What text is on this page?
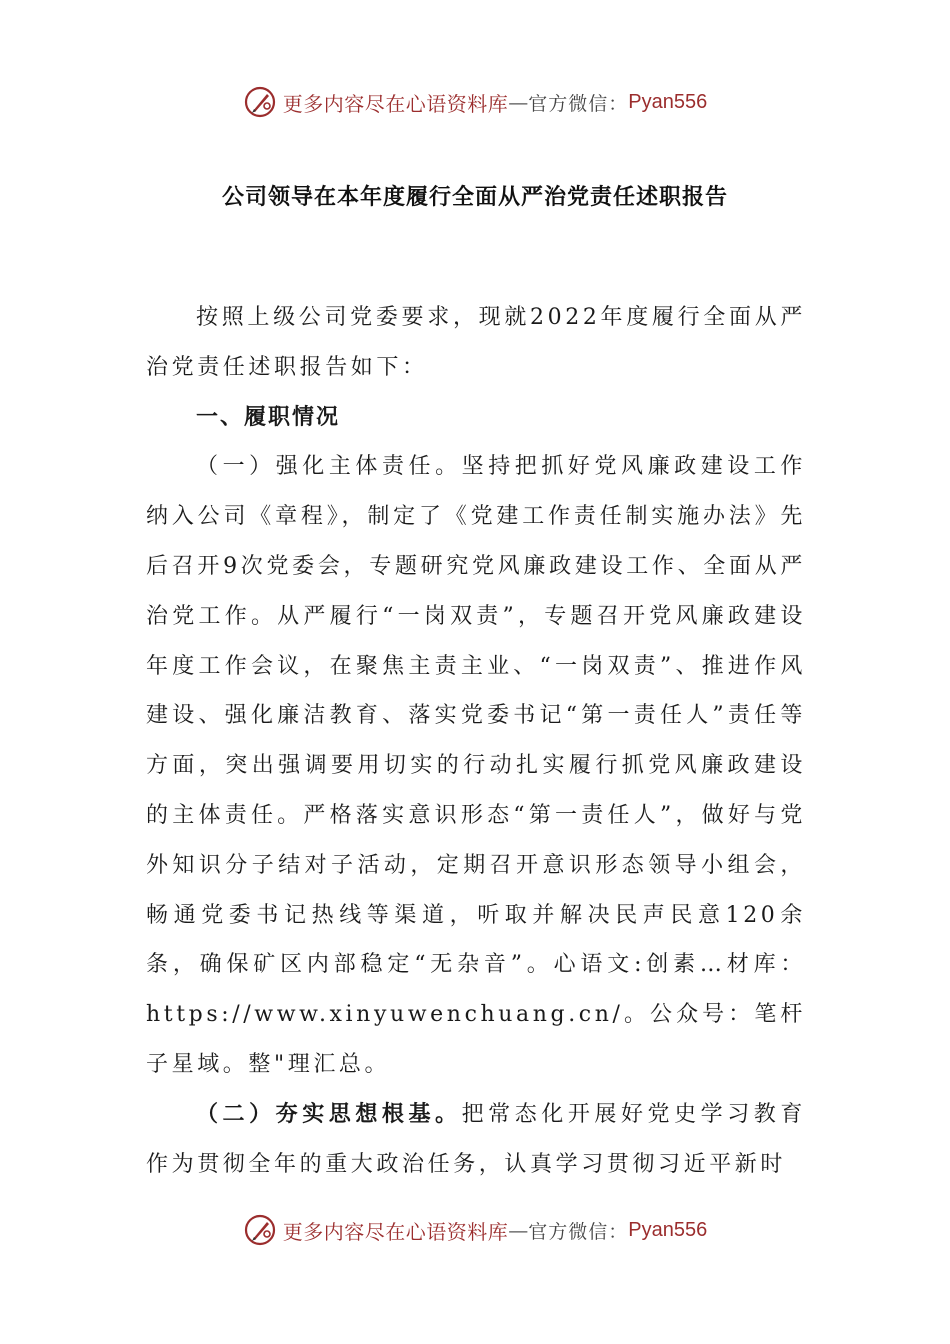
更多内容尽在心语资料库 — 官方微信： Pyan556
公司领导在本年度履行全面从严治党责任述职报告

按照上级公司党委要求，现就2022年度履行全面从严治党责任述职报告如下：

一、履职情况

（一）强化主体责任。坚持把抓好党风廉政建设工作纳入公司《章程》，制定了《党建工作责任制实施办法》先后召开9次党委会，专题研究党风廉政建设工作、全面从严治党工作。从严履行“一岗双责”，专题召开党风廉政建设年度工作会议，在聚焦主责主业、“一岗双责”、推进作风建设、强化廉洁教育、落实党委书记“第一责任人”责任等方面，突出强调要用切实的行动扎实履行抓党风廉政建设的主体责任。严格落实意识形态“第一责任人”，做好与党外知识分子结对子活动，定期召开意识形态领导小组会，畅通党委书记热线等渠道，听取并解决民声民意120余条，确保矿区内部稳定“无杂音”。心语文:创素…材库：https://www.xinyuwenchuang.cn/。公众号：笔杆子星域。整"理汇总。

（二）夯实思想根基。把常态化开展好党史学习教育作为贯彻全年的重大政治任务，认真学习贯彻习近平新时

更多内容尽在心语资料库 — 官方微信： Pyan556
